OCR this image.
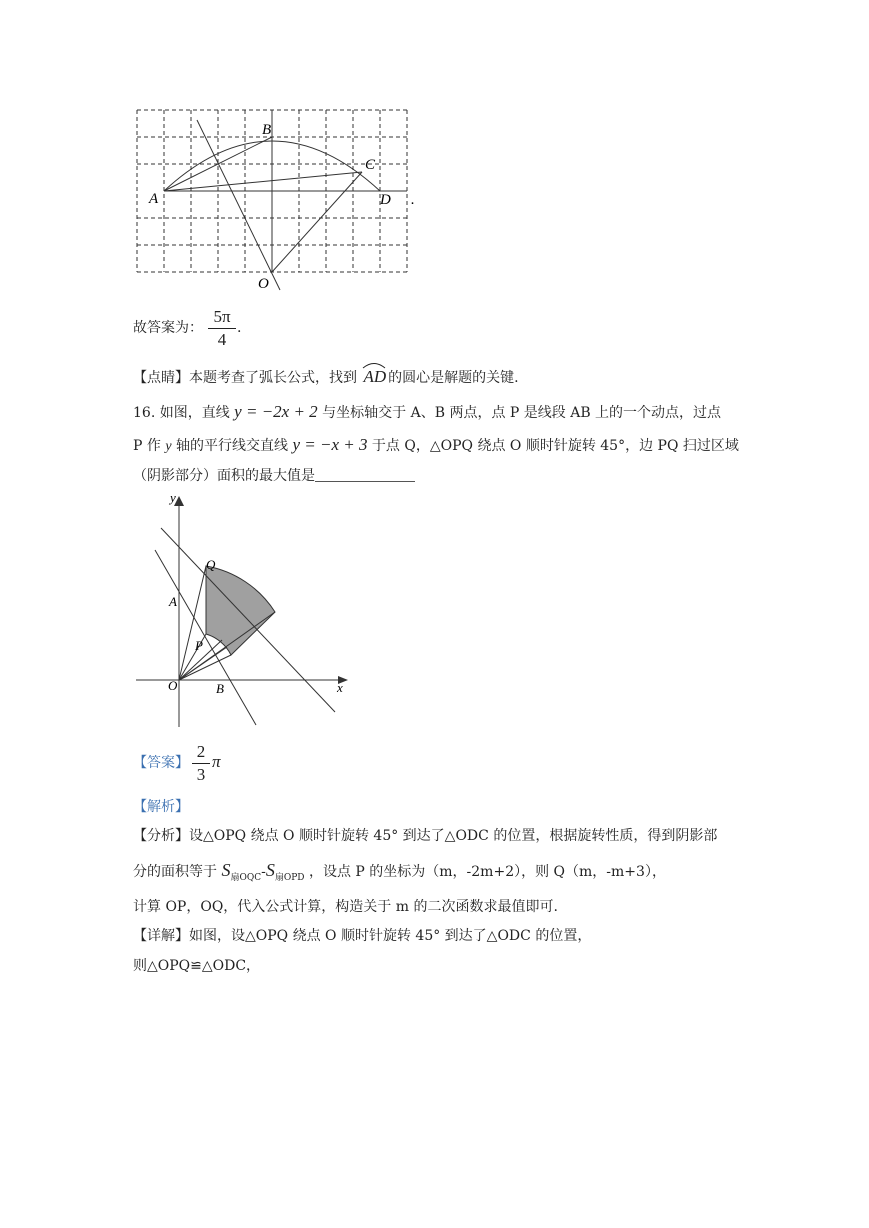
B
C
A	D
O
.
故答案为：
5π
4
.
【点睛】本题考查了弧长公式，找到 AD 的圆心是解题的关键.
16. 如图，直线 y = −2x + 2 与坐标轴交于 A、B 两点，点 P 是线段 AB 上的一个动点，过点
P 作 y 轴的平行线交直线 y = −x + 3 于点 Q，△OPQ 绕点 O 顺时针旋转 45°，边 PQ 扫过区域
（阴影部分）面积的最大值是
y
x
Q
A
P
O	B
【答案】
2
3
π
【解析】
【分析】设△OPQ 绕点 O 顺时针旋转 45° 到达了△ODC 的位置，根据旋转性质，得到阴影部
分的面积等于 $S_{扇OQC}-S_{扇OPD}$ ，设点 P 的坐标为（m，-2m+2），则 Q（m，-m+3），
计算 OP，OQ，代入公式计算，构造关于 m 的二次函数求最值即可.
【详解】如图，设△OPQ 绕点 O 顺时针旋转 45° 到达了△ODC 的位置，
则△OPQ≌△ODC，
